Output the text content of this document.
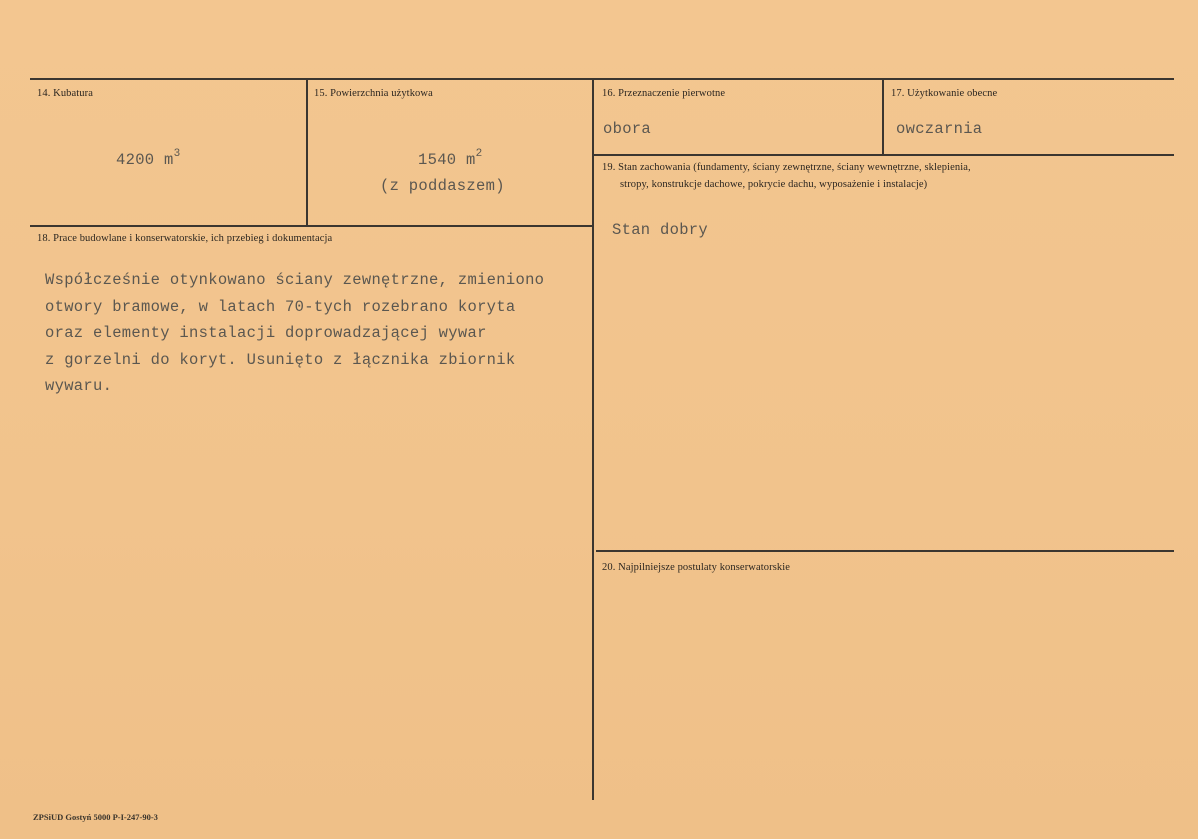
14. Kubatura
4200 $m^3$
15. Powierzchnia użytkowa
1540 $m^2$
(z poddaszem)
16. Przeznaczenie pierwotne
obora
17. Użytkowanie obecne
owczarnia
18. Prace budowlane i konserwatorskie, ich przebieg i dokumentacja
Współcześnie otynkowano ściany zewnętrzne, zmieniono
otwory bramowe, w latach 70-tych rozebrano koryta
oraz elementy instalacji doprowadzającej wywar
z gorzelni do koryt. Usunięto z łącznika zbiornik
wywaru.
19. Stan zachowania (fundamenty, ściany zewnętrzne, ściany wewnętrzne, sklepienia,
stropy, konstrukcje dachowe, pokrycie dachu, wyposażenie i instalacje)
Stan dobry
20. Najpilniejsze postulaty konserwatorskie
ZPSiUD Gostyń 5000 P-I-247-90-3
